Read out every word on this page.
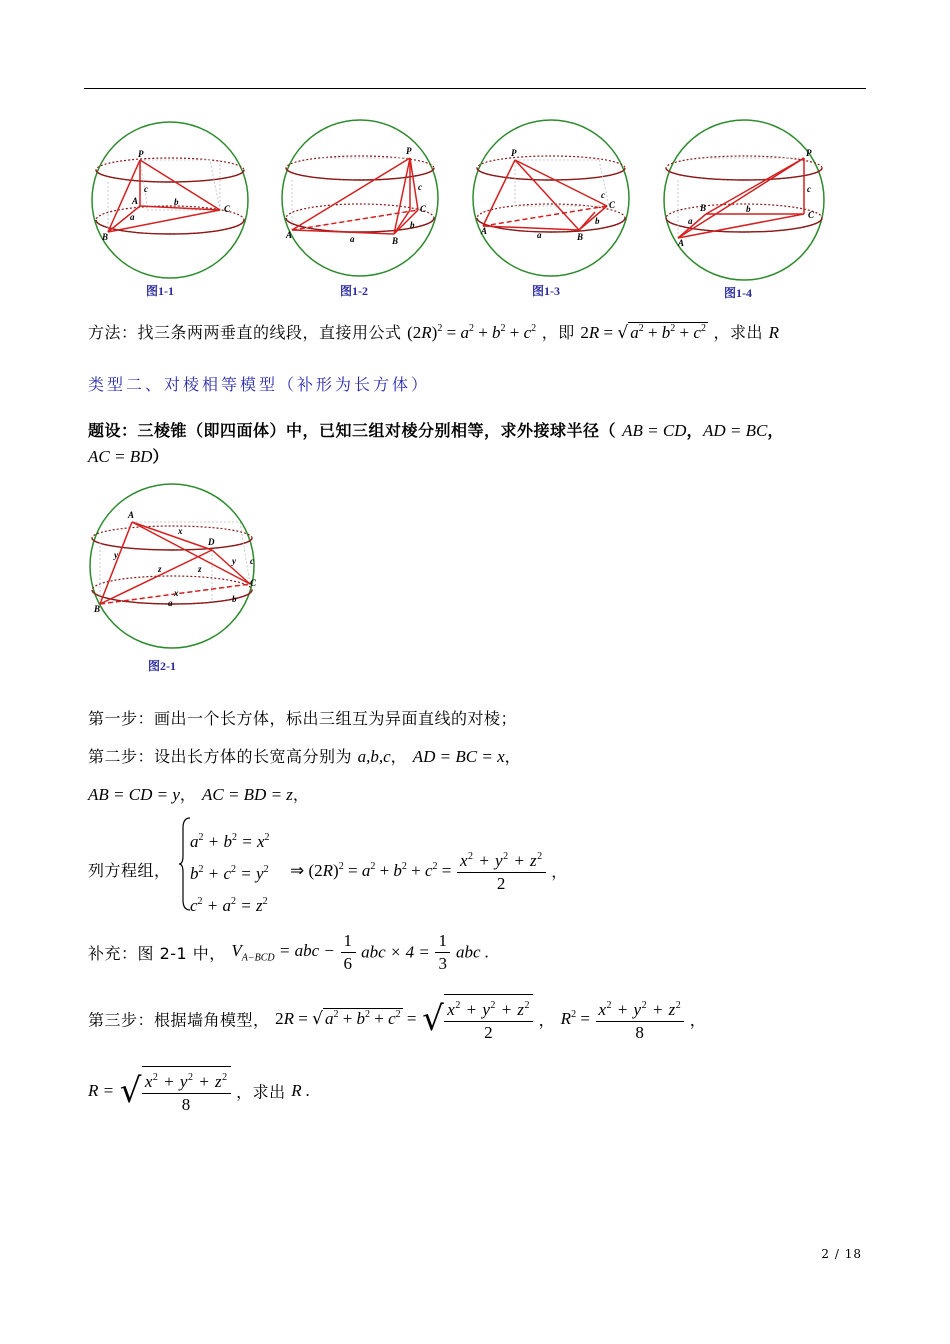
P
A
B
C
c
a
b
图1-1
P
A
B
C
c
a
b
图1-2
P
A
B
C
c
a
b
图1-3
P
B
A
C
c
a
b
图1-4
方法：找三条两两垂直的线段，直接用公式 $(2R)^2 = a^2 + b^2 + c^2$ ，即 2R = √ $a^2 + b^2 + c^2$ ，求出 R
类型二、对棱相等模型（补形为长方体）
题设：三棱锥（即四面体）中，已知三组对棱分别相等，求外接球半径（ AB = CD，AD = BC，
AC = BD）
A
D
B
C
x
x
y
y
z	z
c
a	b
图2-1
第一步：画出一个长方体，标出三组互为异面直线的对棱；
第二步：设出长方体的长宽高分别为 a,b,c， AD = BC = x，
AB = CD = y， AC = BD = z，
列方程组，
$a^2 + b^2 = x^2$
$b^2 + c^2 = y^2$
$c^2 + a^2 = z^2$
⇒ $(2R)^2 = a^2 + b^2 + c^2 = \frac{x^2 + y^2 + z^2}{2}$ ，
补充：图 2-1 中， $V_{A-BCD}$ = abc − $\frac{1}{6}$ abc × $4 = \frac{1}{3}$ abc .
第三步：根据墙角模型， 2R = √ $a^2 + b^2 + c^2$ = √ $\frac{x^2 + y^2 + z^2}{2}$ ， $R^2 = \frac{x^2 + y^2 + z^2}{8}$ ，
R = √ $\frac{x^2 + y^2 + z^2}{8}$ ，求出 R .
2 / 18
